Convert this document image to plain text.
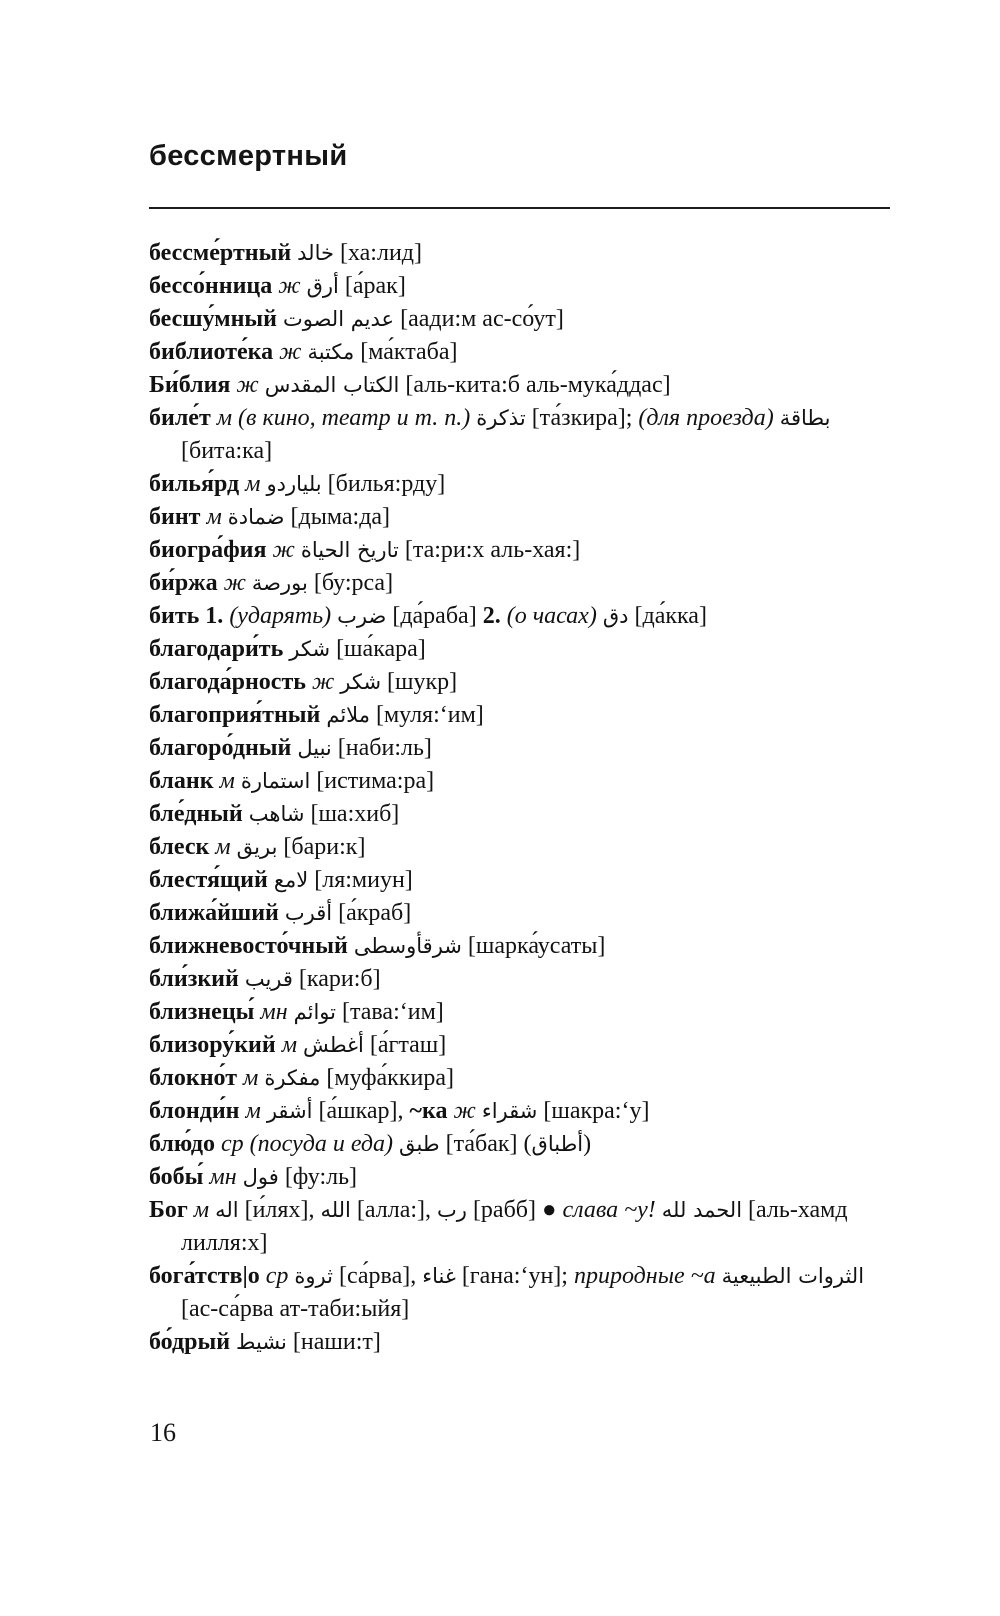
бессмертный
бессме́ртный خالد [ха:лид]
бессо́нница ж أرق [а́рак]
бесшу́мный عديم الصوت [аади:м ас-со́ут]
библиоте́ка ж مكتبة [ма́ктаба]
Би́блия ж الكتاب المقدس [аль-кита:б аль-мука́ддас]
биле́т м (в кино, театр и т. п.) تذكرة [та́зкира]; (для проезда) بطاقة [бита:ка]
билья́рд м بلياردو [билья:рду]
бинт м ضمادة [дыма:да]
биогра́фия ж تاريخ الحياة [та:ри:х аль-хая:]
би́ржа ж بورصة [бу:рса]
бить 1. (ударять) ضرب [да́раба] 2. (о часах) دق [да́кка]
благодари́ть شكر [ша́кара]
благода́рность ж شكر [шукр]
благоприя́тный ملائم [муля:ʻим]
благоро́дный نبيل [наби:ль]
бланк м استمارة [истима:ра]
бле́дный شاهب [ша:хиб]
блеск м بريق [бари:к]
блестя́щий لامع [ля:миун]
ближа́йший أقرب [а́краб]
ближневосто́чный شرقأوسطى [шарка́усаты]
бли́зкий قريب [кари:б]
близнецы́ мн توائم [тава:ʻим]
близору́кий м أغطش [а́гташ]
блокно́т м مفكرة [муфа́ккира]
блонди́н м أشقر [а́шкар], ~ка ж شقراء [шакра:ʻу]
блю́до ср (посуда и еда) طبق [та́бак] (أطباق)
бобы́ мн فول [фу:ль]
Бог м اله [и́лях], الله [алла:], رب [рабб] ● слава ~у! الحمد لله [аль-хамд лилля:х]
бога́тств|о ср ثروة [са́рва], غناء [гана:ʻун]; природные ~а الثروات الطبيعية [ас-са́рва ат-таби:ыйя]
бо́дрый نشيط [наши:т]
16
